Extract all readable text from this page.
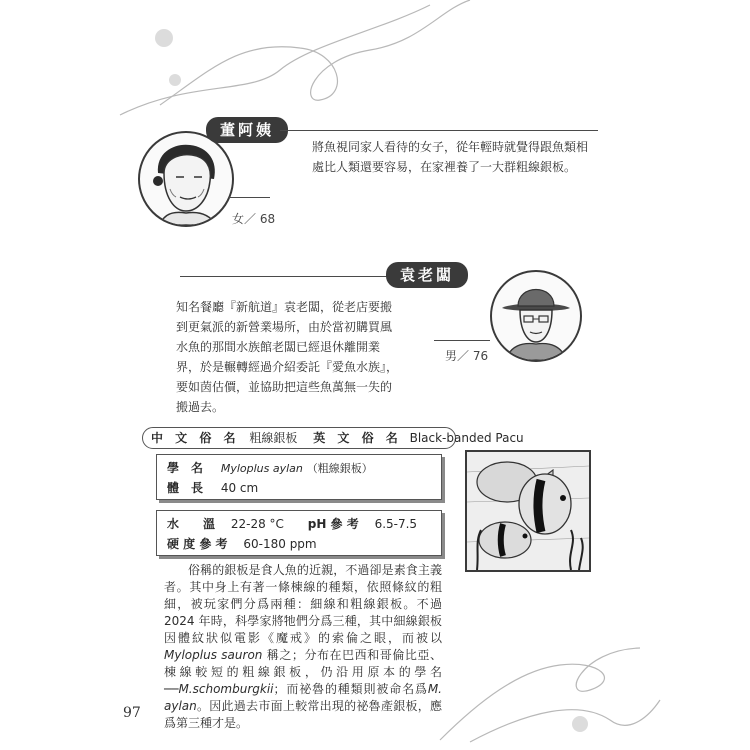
董阿姨
將魚視同家人看待的女子，從年輕時就覺得跟魚類相處比人類還要容易，在家裡養了一大群粗線銀板。
女／ 68
袁老闆
知名餐廳『新航道』袁老闆，從老店要搬到更氣派的新營業場所，由於當初購買風水魚的那間水族館老闆已經退休離開業界，於是輾轉經過介紹委託『愛魚水族』，要如茵估價，並協助把這些魚萬無一失的搬過去。
男／ 76
中 文 俗 名 粗線銀板 英 文 俗 名 Black-banded Pacu
學　名 Myloplus aylan （粗線銀板）
體　長 40 cm
水　　溫 22-28 °C pH 參 考 6.5-7.5
硬 度 參 考 60-180 ppm

俗稱的銀板是食人魚的近親，不過卻是素食主義者。其中身上有著一條棟線的種類，依照條紋的粗細，被玩家們分爲兩種：細線和粗線銀板。不過 2024 年時，科學家將牠們分爲三種，其中細線銀板因體紋狀似電影《魔戒》的索倫之眼，而被以Myloplus sauron 稱之；分布在巴西和哥倫比亞、棟線較短的粗線銀板，仍沿用原本的學名──M.schomburgkii；而祕魯的種類則被命名爲M. aylan。因此過去市面上較常出現的祕魯產銀板，應爲第三種才是。

97
